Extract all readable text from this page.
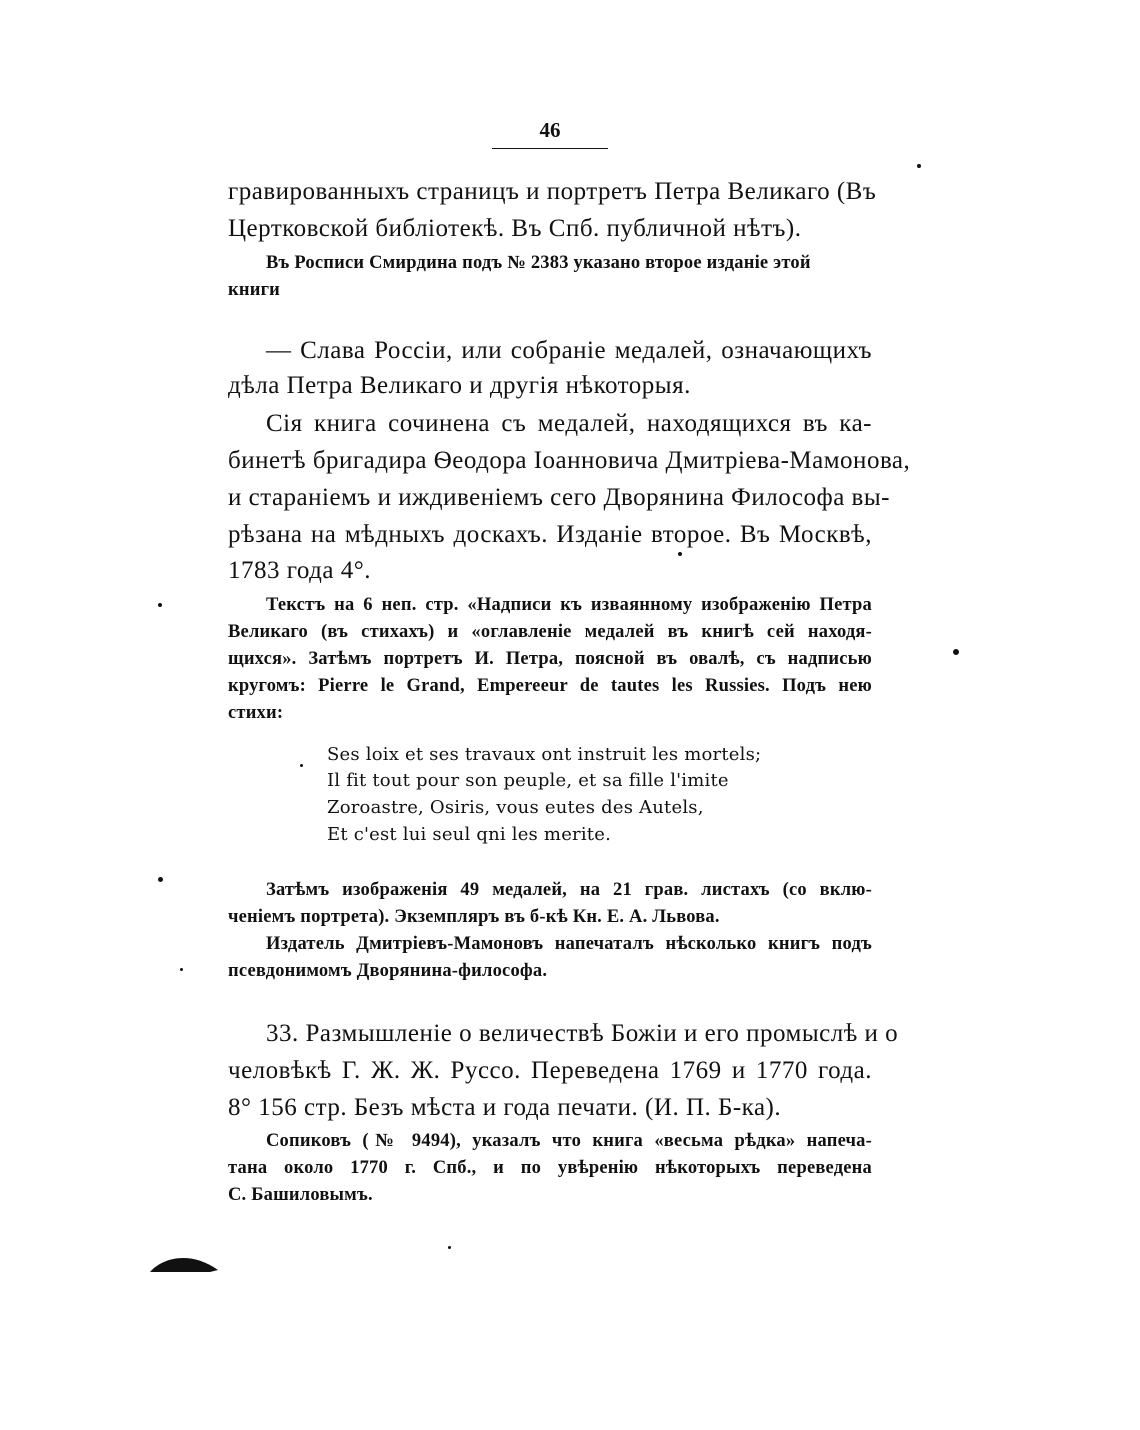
46
гравированныхъ страницъ и портретъ Петра Великаго (Въ
Цертковской библіотекѣ. Въ Спб. публичной нѣтъ).
Въ Росписи Смирдина подъ № 2383 указано второе изданіе этой
книги
— Слава Россіи, или собраніе медалей, означающихъ
дѣла Петра Великаго и другія нѣкоторыя.
Сія книга сочинена съ медалей, находящихся въ ка-
бинетѣ бригадира Ѳеодора Іоанновича Дмитріева-Мамонова,
и стараніемъ и иждивеніемъ сего Дворянина Философа вы-
рѣзана на мѣдныхъ доскахъ. Изданіе второе. Въ Москвѣ,
1783 года 4°.
Текстъ на 6 неп. стр. «Надписи къ изваянному изображенію Петра
Великаго (въ стихахъ) и «оглавленіе медалей въ книгѣ сей находя-
щихся». Затѣмъ портретъ И. Петра, поясной въ овалѣ, съ надписью
кругомъ: Pierre le Grand, Empereeur de tautes les Russies. Подъ нею
стихи:
Ses loix et ses travaux ont instruit les mortels;
Il fit tout pour son peuple, et sa fille l'imite
Zoroastre, Osiris, vous eutes des Autels,
Et c'est lui seul qni les merite.
Затѣмъ изображенія 49 медалей, на 21 грав. листахъ (со вклю-
ченіемъ портрета). Экземпляръ въ б-кѣ Кн. Е. А. Львова.
Издатель Дмитріевъ-Мамоновъ напечаталъ нѣсколько книгъ подъ
псевдонимомъ Дворянина-философа.
33. Размышленіе о величествѣ Божіи и его промыслѣ и о
человѣкѣ Г. Ж. Ж. Руссо. Переведена 1769 и 1770 года.
8° 156 стр. Безъ мѣста и года печати. (И. П. Б-ка).
Сопиковъ (№ 9494), указалъ что книга «весьма рѣдка» напеча-
тана около 1770 г. Спб., и по увѣренію нѣкоторыхъ переведена
С. Башиловымъ.
